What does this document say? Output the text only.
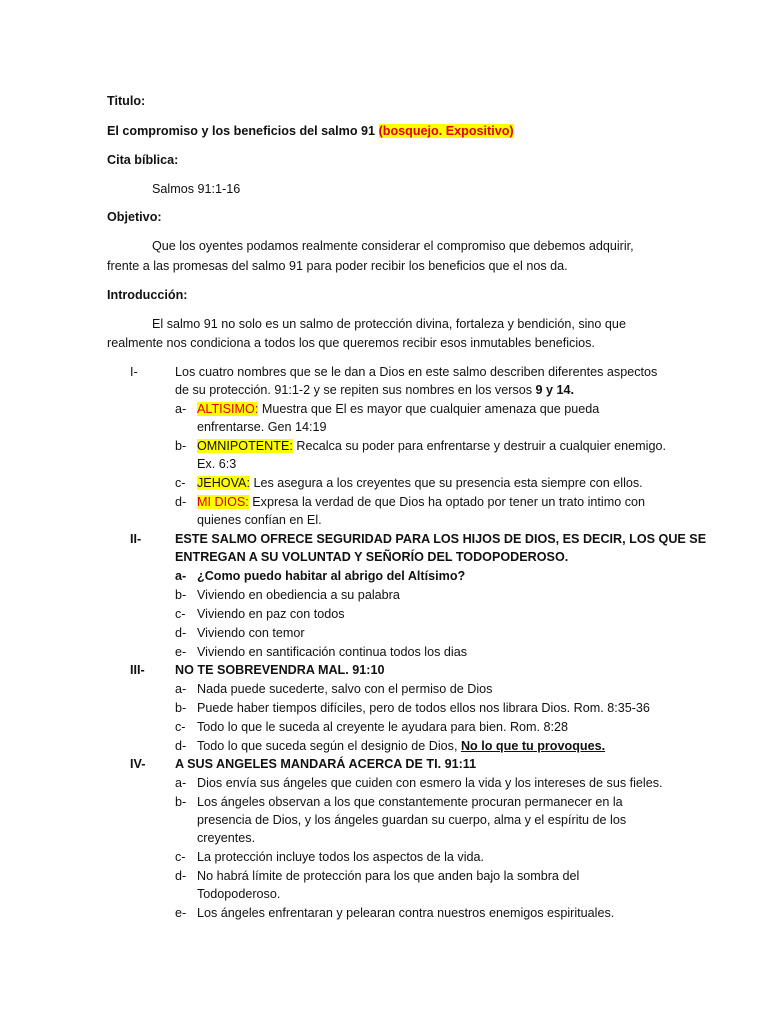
Titulo:
El compromiso y los beneficios del salmo 91 (bosquejo. Expositivo)
Cita bíblica:
Salmos 91:1-16
Objetivo:
Que los oyentes podamos realmente considerar el compromiso que debemos adquirir,
frente a las promesas del salmo 91 para poder recibir los beneficios que el nos da.
Introducción:
El salmo 91 no solo es un salmo de protección divina, fortaleza y bendición, sino que
realmente nos condiciona a todos los que queremos recibir esos inmutables beneficios.
I-	Los cuatro nombres que se le dan a Dios en este salmo describen diferentes aspectos
de su protección. 91:1-2 y se repiten sus nombres en los versos 9 y 14.
a- ALTISIMO: Muestra que El es mayor que cualquier amenaza que pueda
enfrentarse. Gen 14:19
b- OMNIPOTENTE: Recalca su poder para enfrentarse y destruir a cualquier enemigo.
Ex. 6:3
c- JEHOVA: Les asegura a los creyentes que su presencia esta siempre con ellos.
d- MI DIOS: Expresa la verdad de que Dios ha optado por tener un trato intimo con
quienes confían en El.
II-	ESTE SALMO OFRECE SEGURIDAD PARA LOS HIJOS DE DIOS, ES DECIR, LOS QUE SE
ENTREGAN A SU VOLUNTAD Y SEÑORÍO DEL TODOPODEROSO.
a- ¿Como puedo habitar al abrigo del Altísimo?
b- Viviendo en obediencia a su palabra
c- Viviendo en paz con todos
d- Viviendo con temor
e- Viviendo en santificación continua todos los dias
III- NO TE SOBREVENDRA MAL. 91:10
a- Nada puede sucederte, salvo con el permiso de Dios
b- Puede haber tiempos difíciles, pero de todos ellos nos librara Dios. Rom. 8:35-36
c- Todo lo que le suceda al creyente le ayudara para bien. Rom. 8:28
d- Todo lo que suceda según el designio de Dios, No lo que tu provoques.
IV- A SUS ANGELES MANDARÁ ACERCA DE TI. 91:11
a- Dios envía sus ángeles que cuiden con esmero la vida y los intereses de sus fieles.
b- Los ángeles observan a los que constantemente procuran permanecer en la
presencia de Dios, y los ángeles guardan su cuerpo, alma y el espíritu de los
creyentes.
c- La protección incluye todos los aspectos de la vida.
d- No habrá límite de protección para los que anden bajo la sombra del
Todopoderoso.
e- Los ángeles enfrentaran y pelearan contra nuestros enemigos espirituales.
